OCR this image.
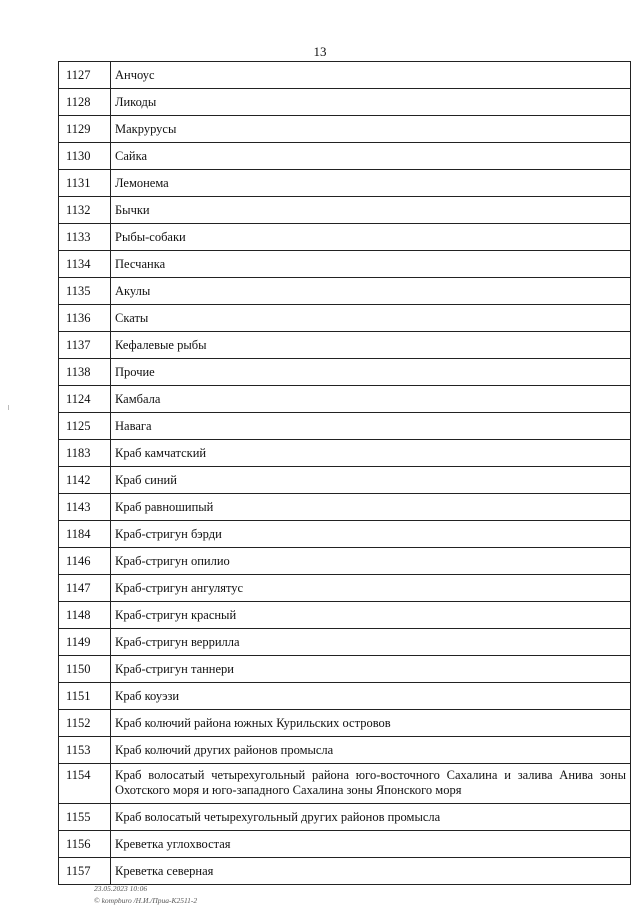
13
1127	Анчоус
1128	Ликоды
1129	Макрурусы
1130	Сайка
1131	Лемонема
1132	Бычки
1133	Рыбы-собаки
1134	Песчанка
1135	Акулы
1136	Скаты
1137	Кефалевые рыбы
1138	Прочие
1124	Камбала
1125	Навага
1183	Краб камчатский
1142	Краб синий
1143	Краб равношипый
1184	Краб-стригун бэрди
1146	Краб-стригун опилио
1147	Краб-стригун ангулятус
1148	Краб-стригун красный
1149	Краб-стригун веррилла
1150	Краб-стригун таннери
1151	Краб коуэзи
1152	Краб колючий района южных Курильских островов
1153	Краб колючий других районов промысла
1154	Краб волосатый четырехугольный района юго-восточного Сахалина и залива Анива зоны Охотского моря и юго-западного Сахалина зоны Японского моря
1155	Краб волосатый четырехугольный других районов промысла
1156	Креветка углохвостая
1157	Креветка северная
23.05.2023 10:06
© kompburo /Н.И./Приа-К2511-2
